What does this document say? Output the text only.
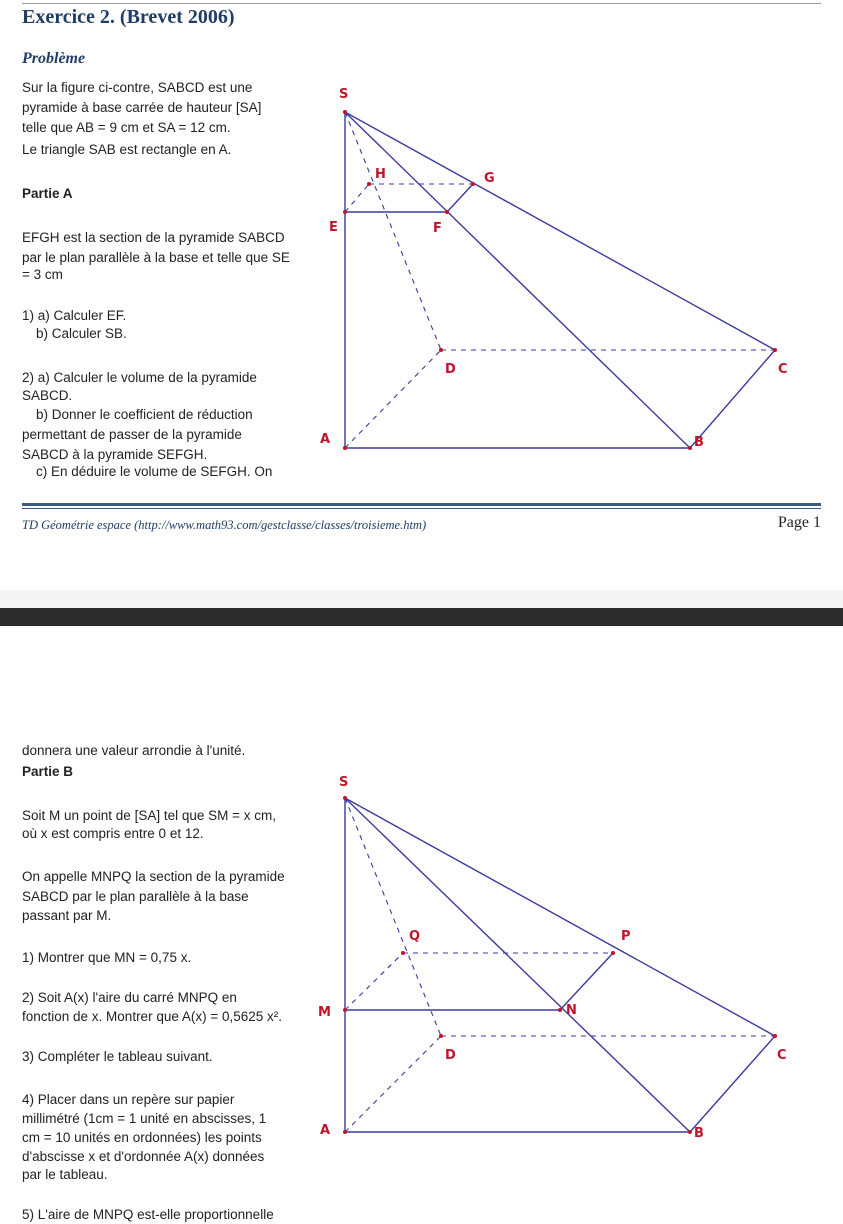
Exercice 2. (Brevet 2006)
Problème
Sur la figure ci-contre, SABCD est une
pyramide à base carrée de hauteur [SA]
telle que AB = 9 cm et SA = 12 cm.
Le triangle SAB est rectangle en A.
Partie A
EFGH est la section de la pyramide SABCD
par le plan parallèle à la base et telle que SE
= 3 cm
1) a) Calculer EF.
b) Calculer SB.
2) a) Calculer le volume de la pyramide
SABCD.
b) Donner le coefficient de réduction
permettant de passer de la pyramide
SABCD à la pyramide SEFGH.
c) En déduire le volume de SEFGH. On
S
H	G
E	F
D	C
A	B
TD Géométrie espace (http://www.math93.com/gestclasse/classes/troisieme.htm)	Page 1
donnera une valeur arrondie à l'unité.
Partie B
Soit M un point de [SA] tel que SM = x cm,
où x est compris entre 0 et 12.
On appelle MNPQ la section de la pyramide
SABCD par le plan parallèle à la base
passant par M.
1) Montrer que MN = 0,75 x.
2) Soit A(x) l'aire du carré MNPQ en
fonction de x. Montrer que A(x) = 0,5625 x².
3) Compléter le tableau suivant.
4) Placer dans un repère sur papier
millimétré (1cm = 1 unité en abscisses, 1
cm = 10 unités en ordonnées) les points
d'abscisse x et d'ordonnée A(x) données
par le tableau.
5) L'aire de MNPQ est-elle proportionnelle
S
Q	P
M	N
D	C
A	B
